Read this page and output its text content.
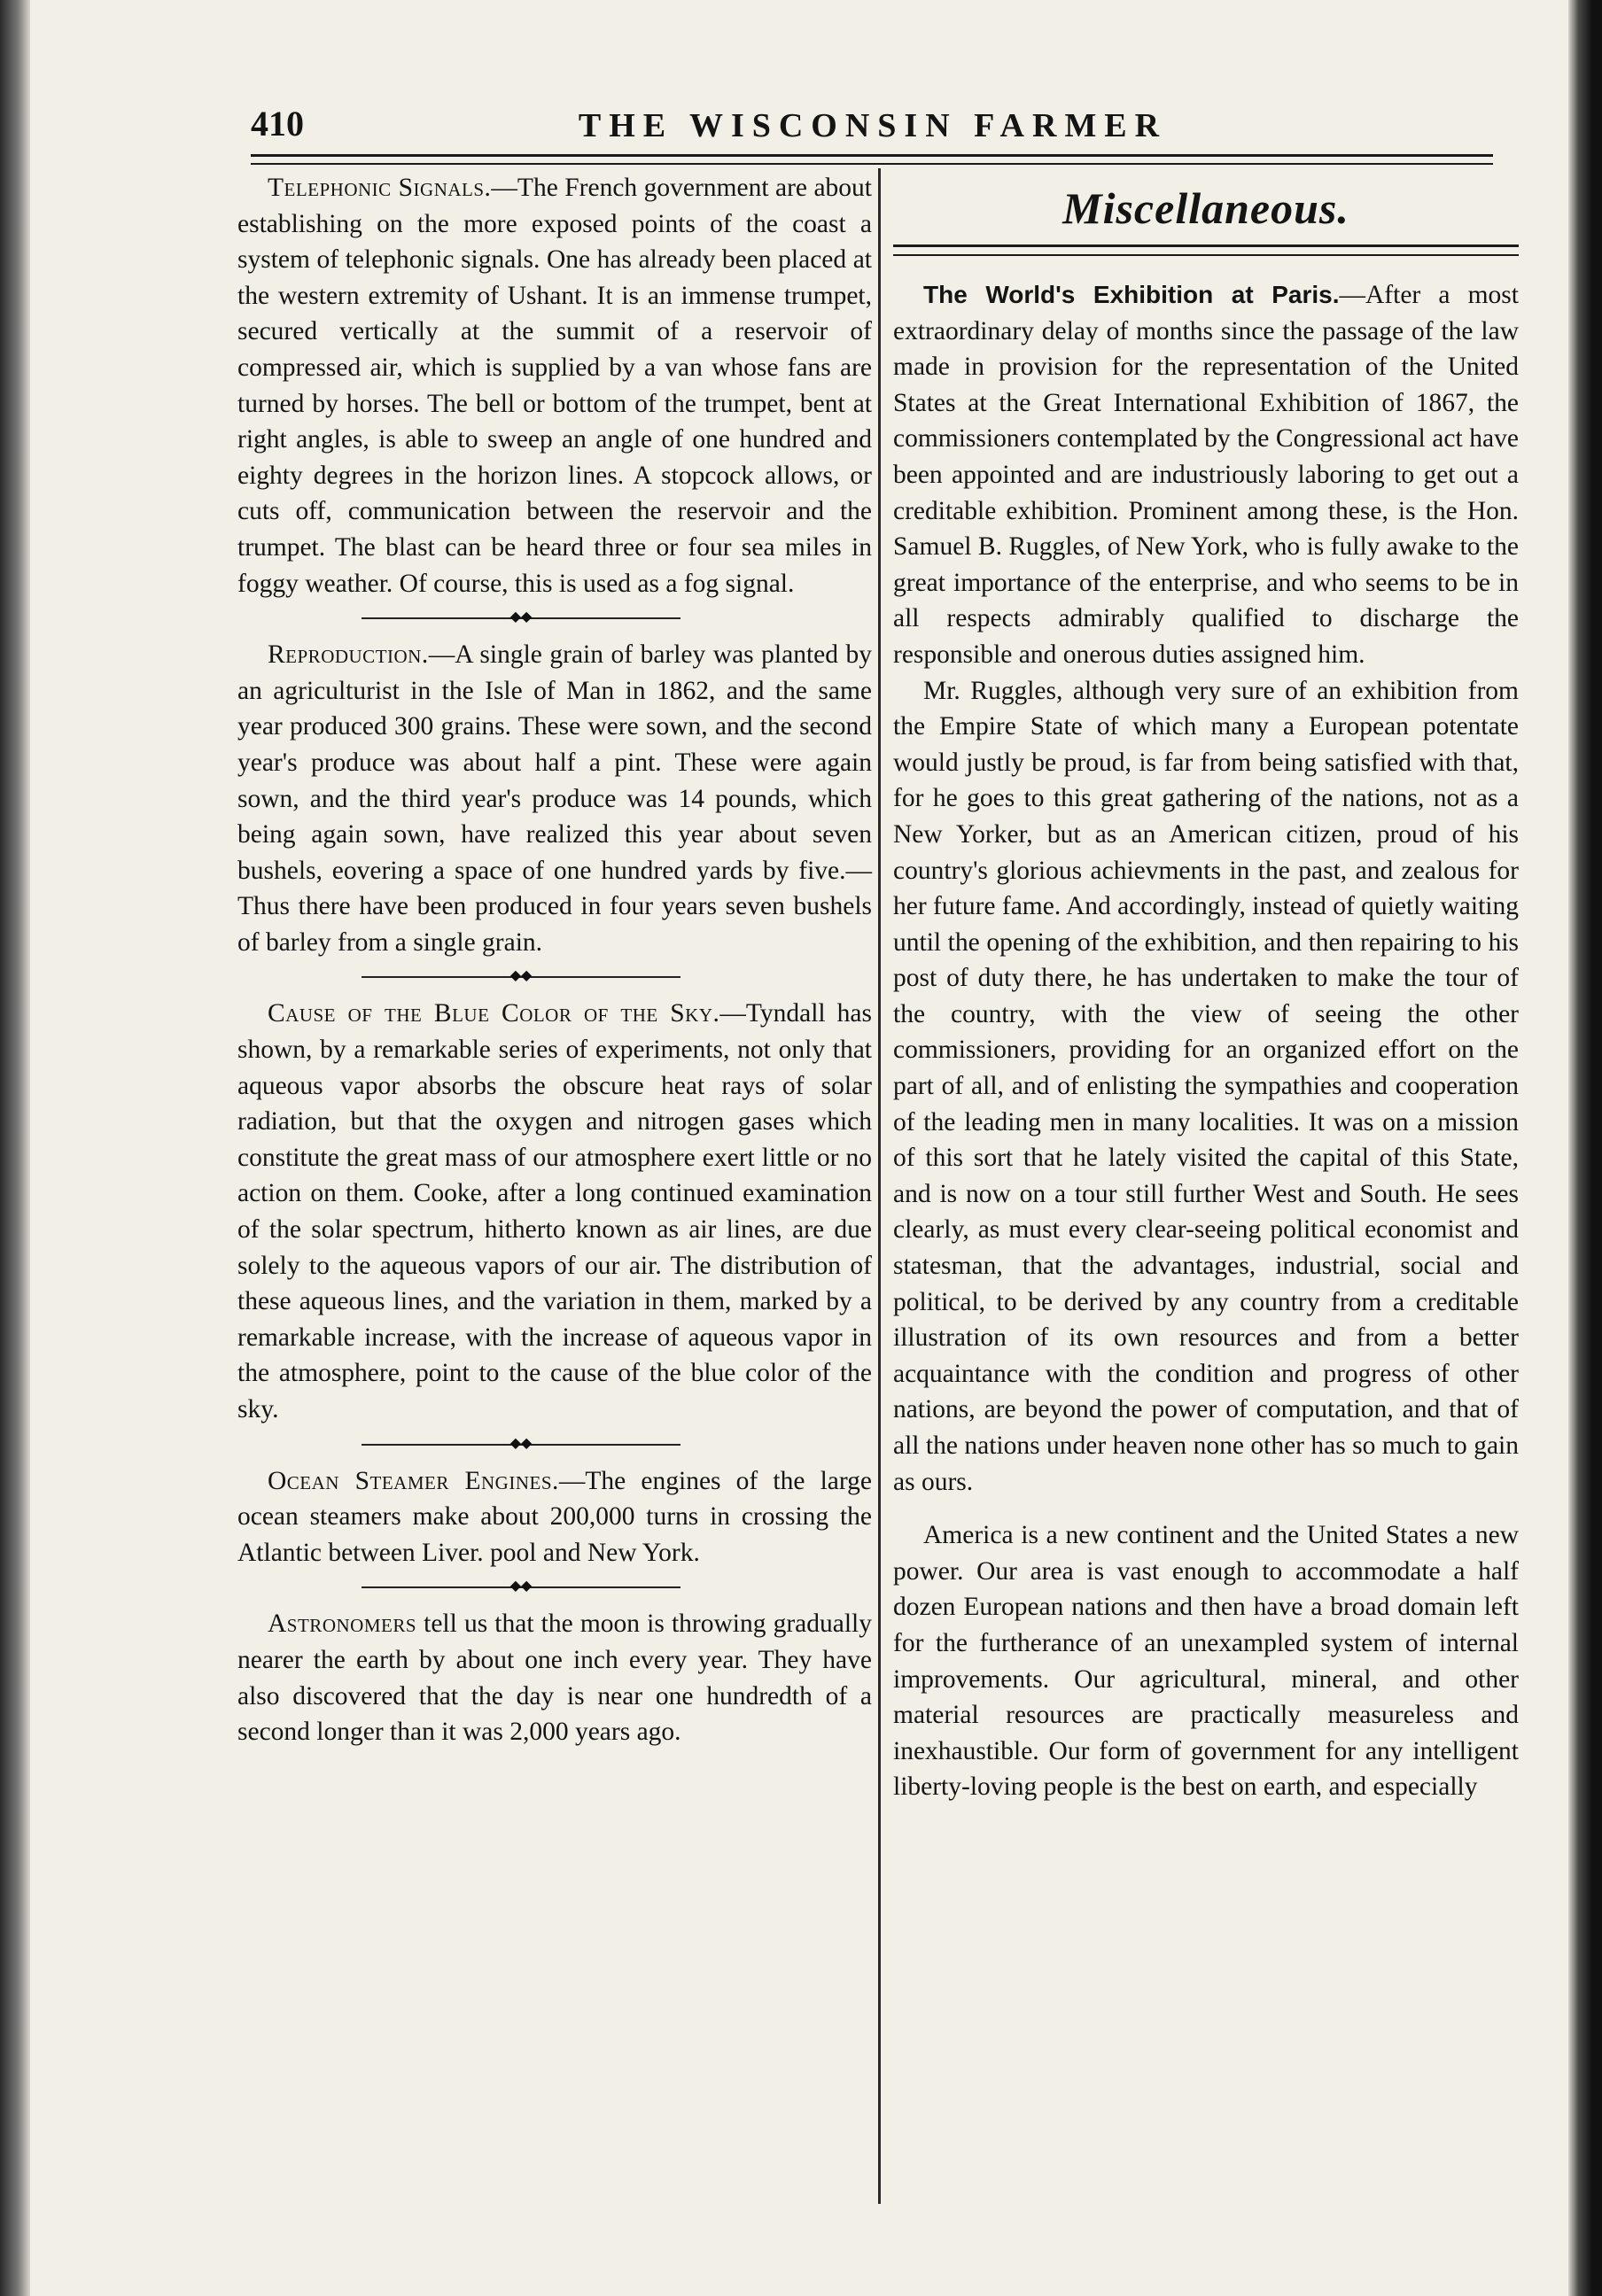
410	THE WISCONSIN FARMER

Telephonic Signals.—The French government are about establishing on the more exposed points of the coast a system of telephonic signals. One has already been placed at the western extremity of Ushant. It is an immense trumpet, secured vertically at the summit of a reservoir of compressed air, which is supplied by a van whose fans are turned by horses. The bell or bottom of the trumpet, bent at right angles, is able to sweep an angle of one hundred and eighty degrees in the horizon lines. A stopcock allows, or cuts off, communication between the reservoir and the trumpet. The blast can be heard three or four sea miles in foggy weather. Of course, this is used as a fog signal.

◆◆

Reproduction.—A single grain of barley was planted by an agriculturist in the Isle of Man in 1862, and the same year produced 300 grains. These were sown, and the second year's produce was about half a pint. These were again sown, and the third year's produce was 14 pounds, which being again sown, have realized this year about seven bushels, eovering a space of one hundred yards by five.—Thus there have been produced in four years seven bushels of barley from a single grain.

◆◆

Cause of the Blue Color of the Sky.—Tyndall has shown, by a remarkable series of experiments, not only that aqueous vapor absorbs the obscure heat rays of solar radiation, but that the oxygen and nitrogen gases which constitute the great mass of our atmosphere exert little or no action on them. Cooke, after a long continued examination of the solar spectrum, hitherto known as air lines, are due solely to the aqueous vapors of our air. The distribution of these aqueous lines, and the variation in them, marked by a remarkable increase, with the increase of aqueous vapor in the atmosphere, point to the cause of the blue color of the sky.

◆◆

Ocean Steamer Engines.—The engines of the large ocean steamers make about 200,000 turns in crossing the Atlantic between Liver. pool and New York.

◆◆

Astronomers tell us that the moon is throwing gradually nearer the earth by about one inch every year. They have also discovered that the day is near one hundredth of a second longer than it was 2,000 years ago.

Miscellaneous.

The World's Exhibition at Paris.—After a most extraordinary delay of months since the passage of the law made in provision for the representation of the United States at the Great International Exhibition of 1867, the commissioners contemplated by the Congressional act have been appointed and are industriously laboring to get out a creditable exhibition. Prominent among these, is the Hon. Samuel B. Ruggles, of New York, who is fully awake to the great importance of the enterprise, and who seems to be in all respects admirably qualified to discharge the responsible and onerous duties assigned him.

Mr. Ruggles, although very sure of an exhibition from the Empire State of which many a European potentate would justly be proud, is far from being satisfied with that, for he goes to this great gathering of the nations, not as a New Yorker, but as an American citizen, proud of his country's glorious achievments in the past, and zealous for her future fame. And accordingly, instead of quietly waiting until the opening of the exhibition, and then repairing to his post of duty there, he has undertaken to make the tour of the country, with the view of seeing the other commissioners, providing for an organized effort on the part of all, and of enlisting the sympathies and cooperation of the leading men in many localities. It was on a mission of this sort that he lately visited the capital of this State, and is now on a tour still further West and South. He sees clearly, as must every clear-seeing political economist and statesman, that the advantages, industrial, social and political, to be derived by any country from a creditable illustration of its own resources and from a better acquaintance with the condition and progress of other nations, are beyond the power of computation, and that of all the nations under heaven none other has so much to gain as ours.

America is a new continent and the United States a new power. Our area is vast enough to accommodate a half dozen European nations and then have a broad domain left for the furtherance of an unexampled system of internal improvements. Our agricultural, mineral, and other material resources are practically measureless and inexhaustible. Our form of government for any intelligent liberty-loving people is the best on earth, and especially
